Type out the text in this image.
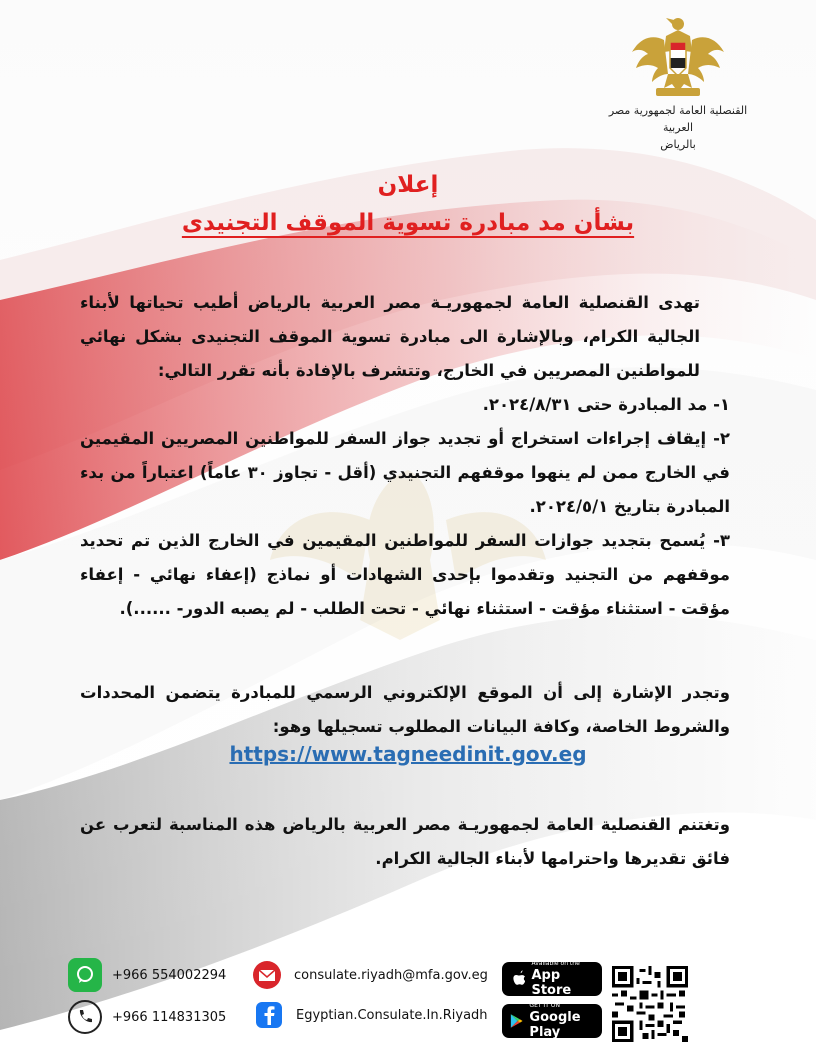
القنصلية العامة لجمهورية مصر العربية
بالرياض
إعلان
بشأن مد مبادرة تسوية الموقف التجنيدى
تهدى القنصلية العامة لجمهوريـة مصر العربية بالرياض أطيب تحياتها لأبناء الجالية الكرام، وبالإشارة الى مبادرة تسوية الموقف التجنيدى بشكل نهائي للمواطنين المصريين في الخارج، وتتشرف بالإفادة بأنه تقرر التالي:
١- مد المبادرة حتى ٢٠٢٤/٨/٣١.
٢- إيقاف إجراءات استخراج أو تجديد جواز السفر للمواطنين المصريين المقيمين في الخارج ممن لم ينهوا موقفهم التجنيدي (أقل - تجاوز ٣٠ عاماً) اعتباراً من بدء المبادرة بتاريخ ٢٠٢٤/٥/١.
٣- يُسمح بتجديد جوازات السفر للمواطنين المقيمين في الخارج الذين تم تحديد موقفهم من التجنيد وتقدموا بإحدى الشهادات أو نماذج (إعفاء نهائي - إعفاء مؤقت - استثناء مؤقت - استثناء نهائي - تحت الطلب - لم يصبه الدور- ......).
وتجدر الإشارة إلى أن الموقع الإلكتروني الرسمي للمبادرة يتضمن المحددات والشروط الخاصة، وكافة البيانات المطلوب تسجيلها وهو:
https://www.tagneedinit.gov.eg
وتغتنم القنصلية العامة لجمهوريـة مصر العربية بالرياض هذه المناسبة لتعرب عن فائق تقديرها واحترامها لأبناء الجالية الكرام.
+966 554002294
+966 114831305
consulate.riyadh@mfa.gov.eg
Egyptian.Consulate.In.Riyadh
Available on the
App Store
GET IT ON
Google Play
